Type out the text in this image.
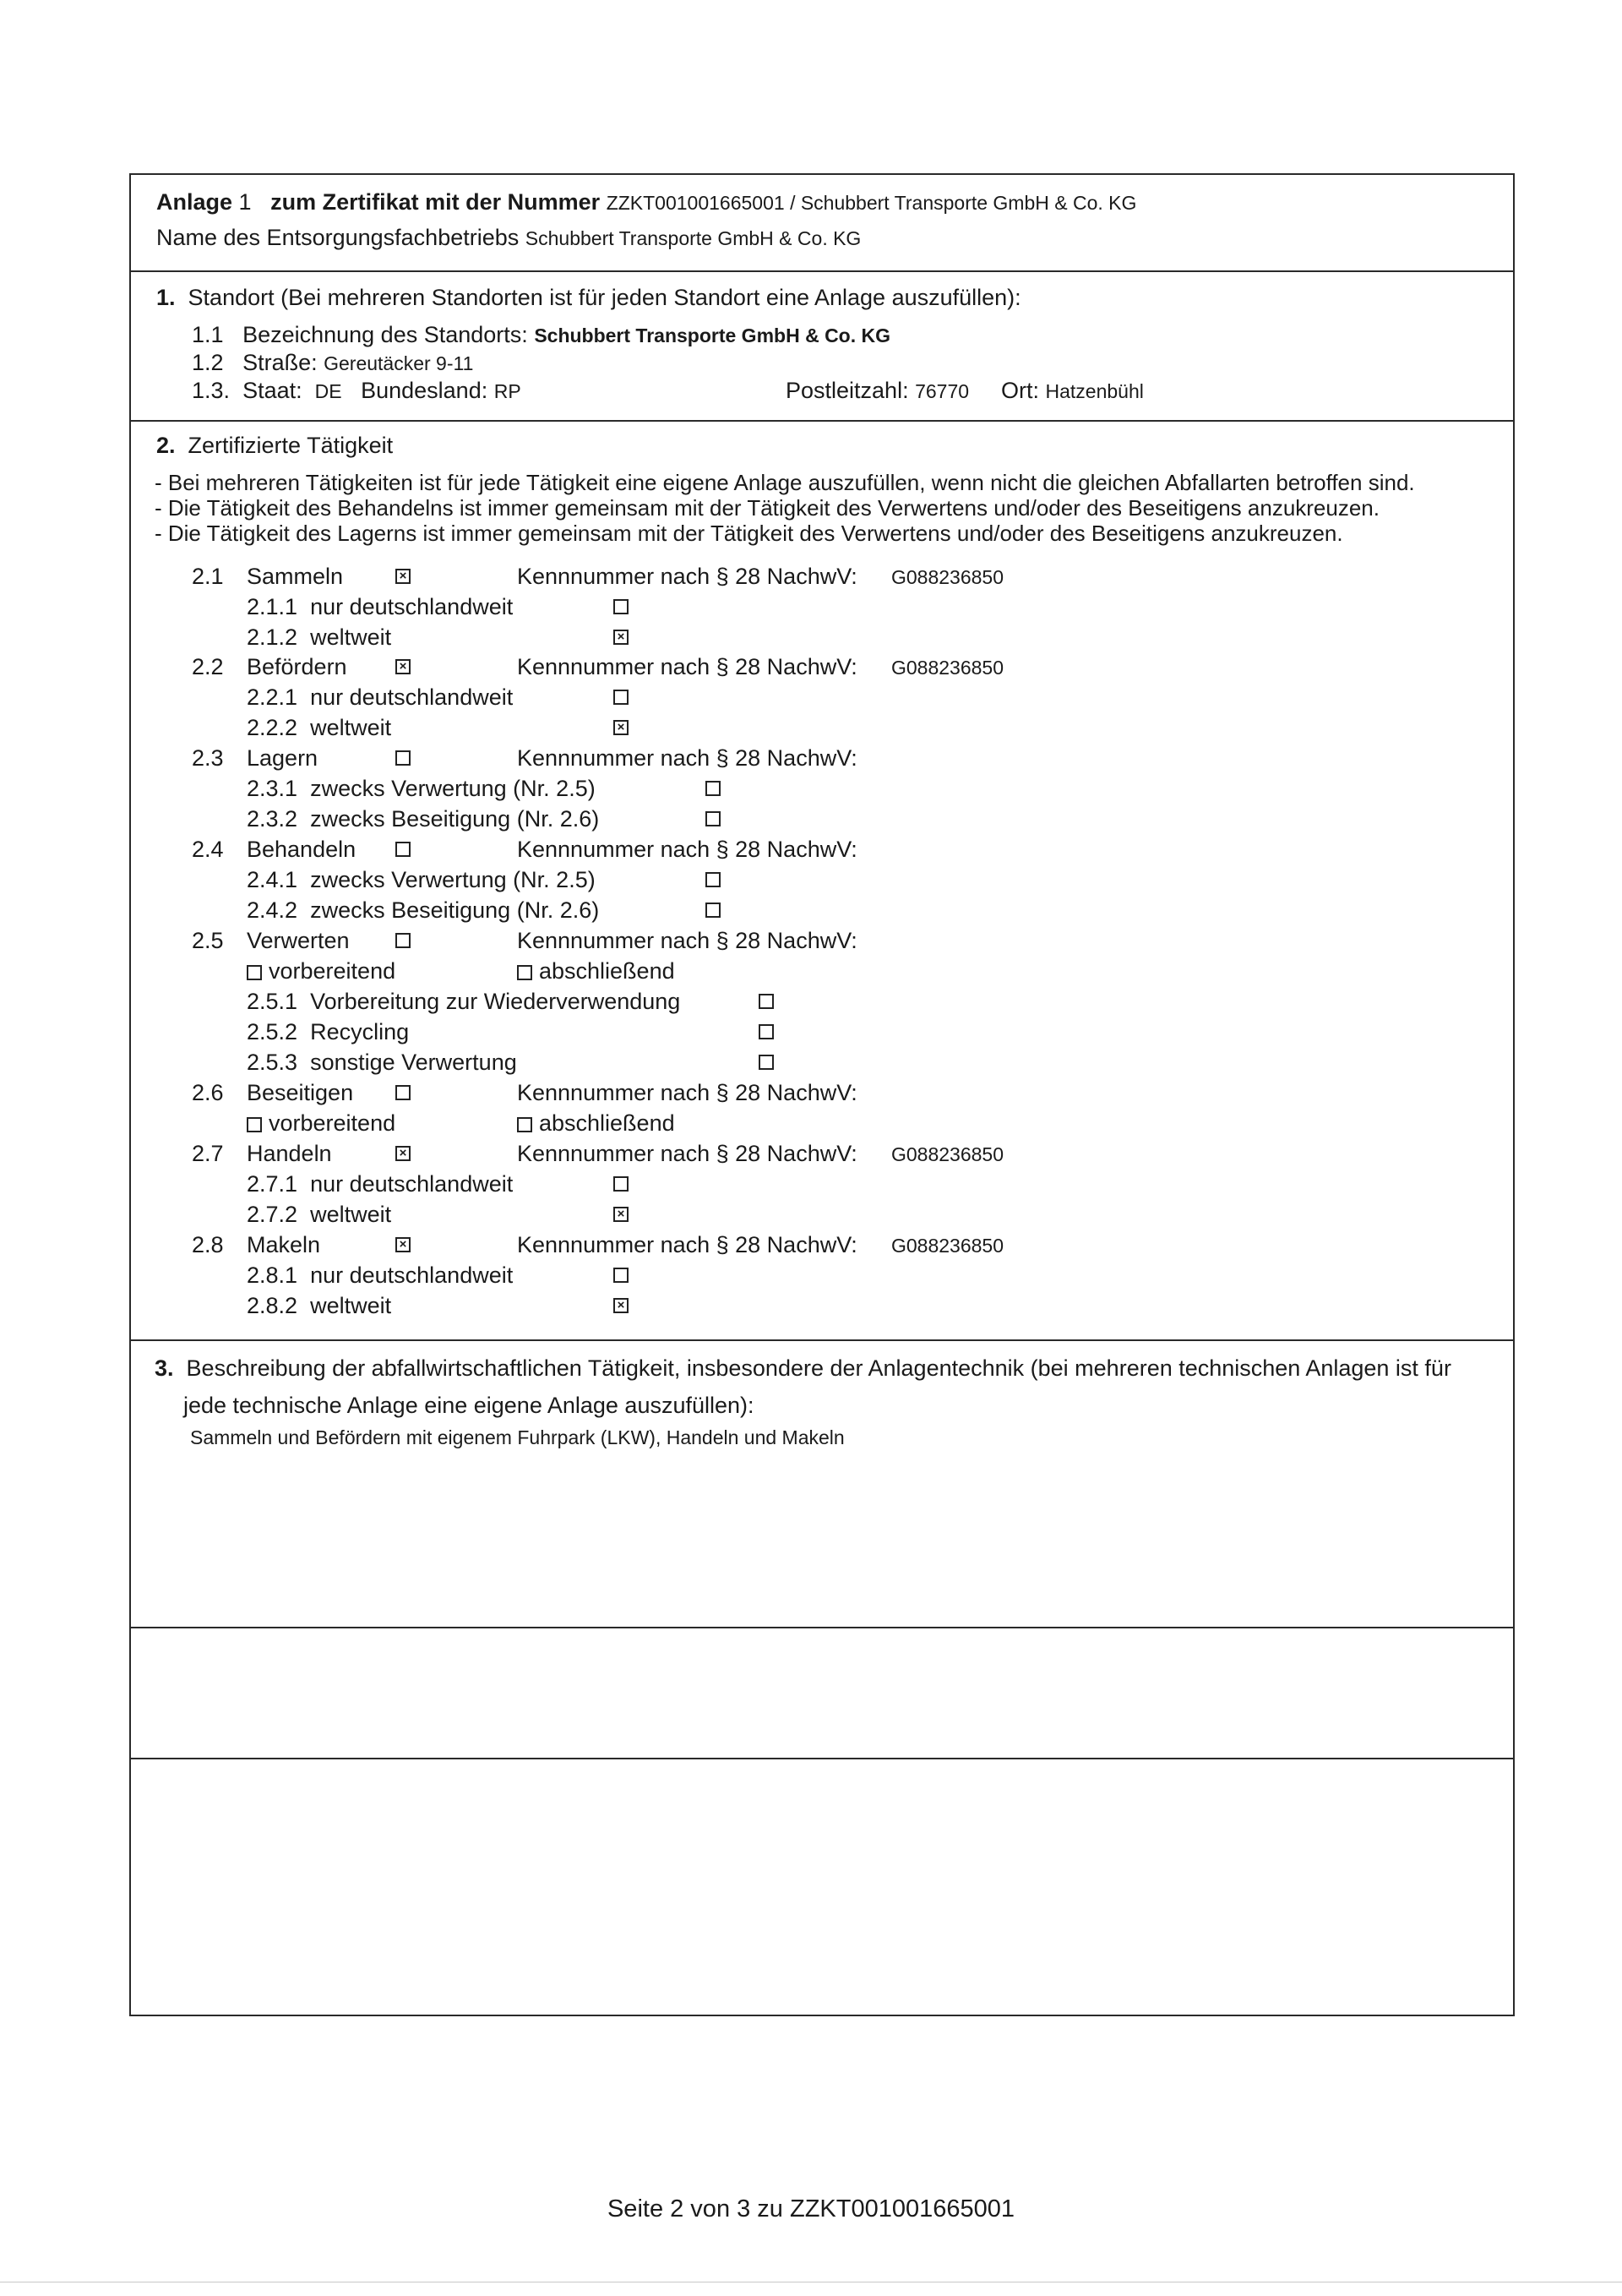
Anlage 1 zum Zertifikat mit der Nummer ZZKT001001665001 / Schubbert Transporte GmbH & Co. KG
Name des Entsorgungsfachbetriebs Schubbert Transporte GmbH & Co. KG
1. Standort (Bei mehreren Standorten ist für jeden Standort eine Anlage auszufüllen):
1.1 Bezeichnung des Standorts: Schubbert Transporte GmbH & Co. KG
1.2 Straße: Gereutäcker 9-11
1.3. Staat: DE Bundesland: RP	Postleitzahl: 76770 Ort: Hatzenbühl
2. Zertifizierte Tätigkeit
- Bei mehreren Tätigkeiten ist für jede Tätigkeit eine eigene Anlage auszufüllen, wenn nicht die gleichen Abfallarten betroffen sind.
- Die Tätigkeit des Behandelns ist immer gemeinsam mit der Tätigkeit des Verwertens und/oder des Beseitigens anzukreuzen.
- Die Tätigkeit des Lagerns ist immer gemeinsam mit der Tätigkeit des Verwertens und/oder des Beseitigens anzukreuzen.
2.1 Sammeln	×	Kennnummer nach § 28 NachwV: G088236850
2.1.1 nur deutschlandweit
2.1.2 weltweit	×
2.2 Befördern	×	Kennnummer nach § 28 NachwV: G088236850
2.2.1 nur deutschlandweit
2.2.2 weltweit	×
2.3 Lagern	Kennnummer nach § 28 NachwV:
2.3.1 zwecks Verwertung (Nr. 2.5)
2.3.2 zwecks Beseitigung (Nr. 2.6)
2.4 Behandeln	Kennnummer nach § 28 NachwV:
2.4.1 zwecks Verwertung (Nr. 2.5)
2.4.2 zwecks Beseitigung (Nr. 2.6)
2.5 Verwerten	Kennnummer nach § 28 NachwV:
vorbereitend	abschließend
2.5.1 Vorbereitung zur Wiederverwendung
2.5.2 Recycling
2.5.3 sonstige Verwertung
2.6 Beseitigen	Kennnummer nach § 28 NachwV:
vorbereitend	abschließend
2.7 Handeln	×	Kennnummer nach § 28 NachwV: G088236850
2.7.1 nur deutschlandweit
2.7.2 weltweit	×
2.8 Makeln	×	Kennnummer nach § 28 NachwV: G088236850
2.8.1 nur deutschlandweit
2.8.2 weltweit	×
3. Beschreibung der abfallwirtschaftlichen Tätigkeit, insbesondere der Anlagentechnik (bei mehreren technischen Anlagen ist für
jede technische Anlage eine eigene Anlage auszufüllen):
Sammeln und Befördern mit eigenem Fuhrpark (LKW), Handeln und Makeln
Seite 2 von 3 zu ZZKT001001665001
